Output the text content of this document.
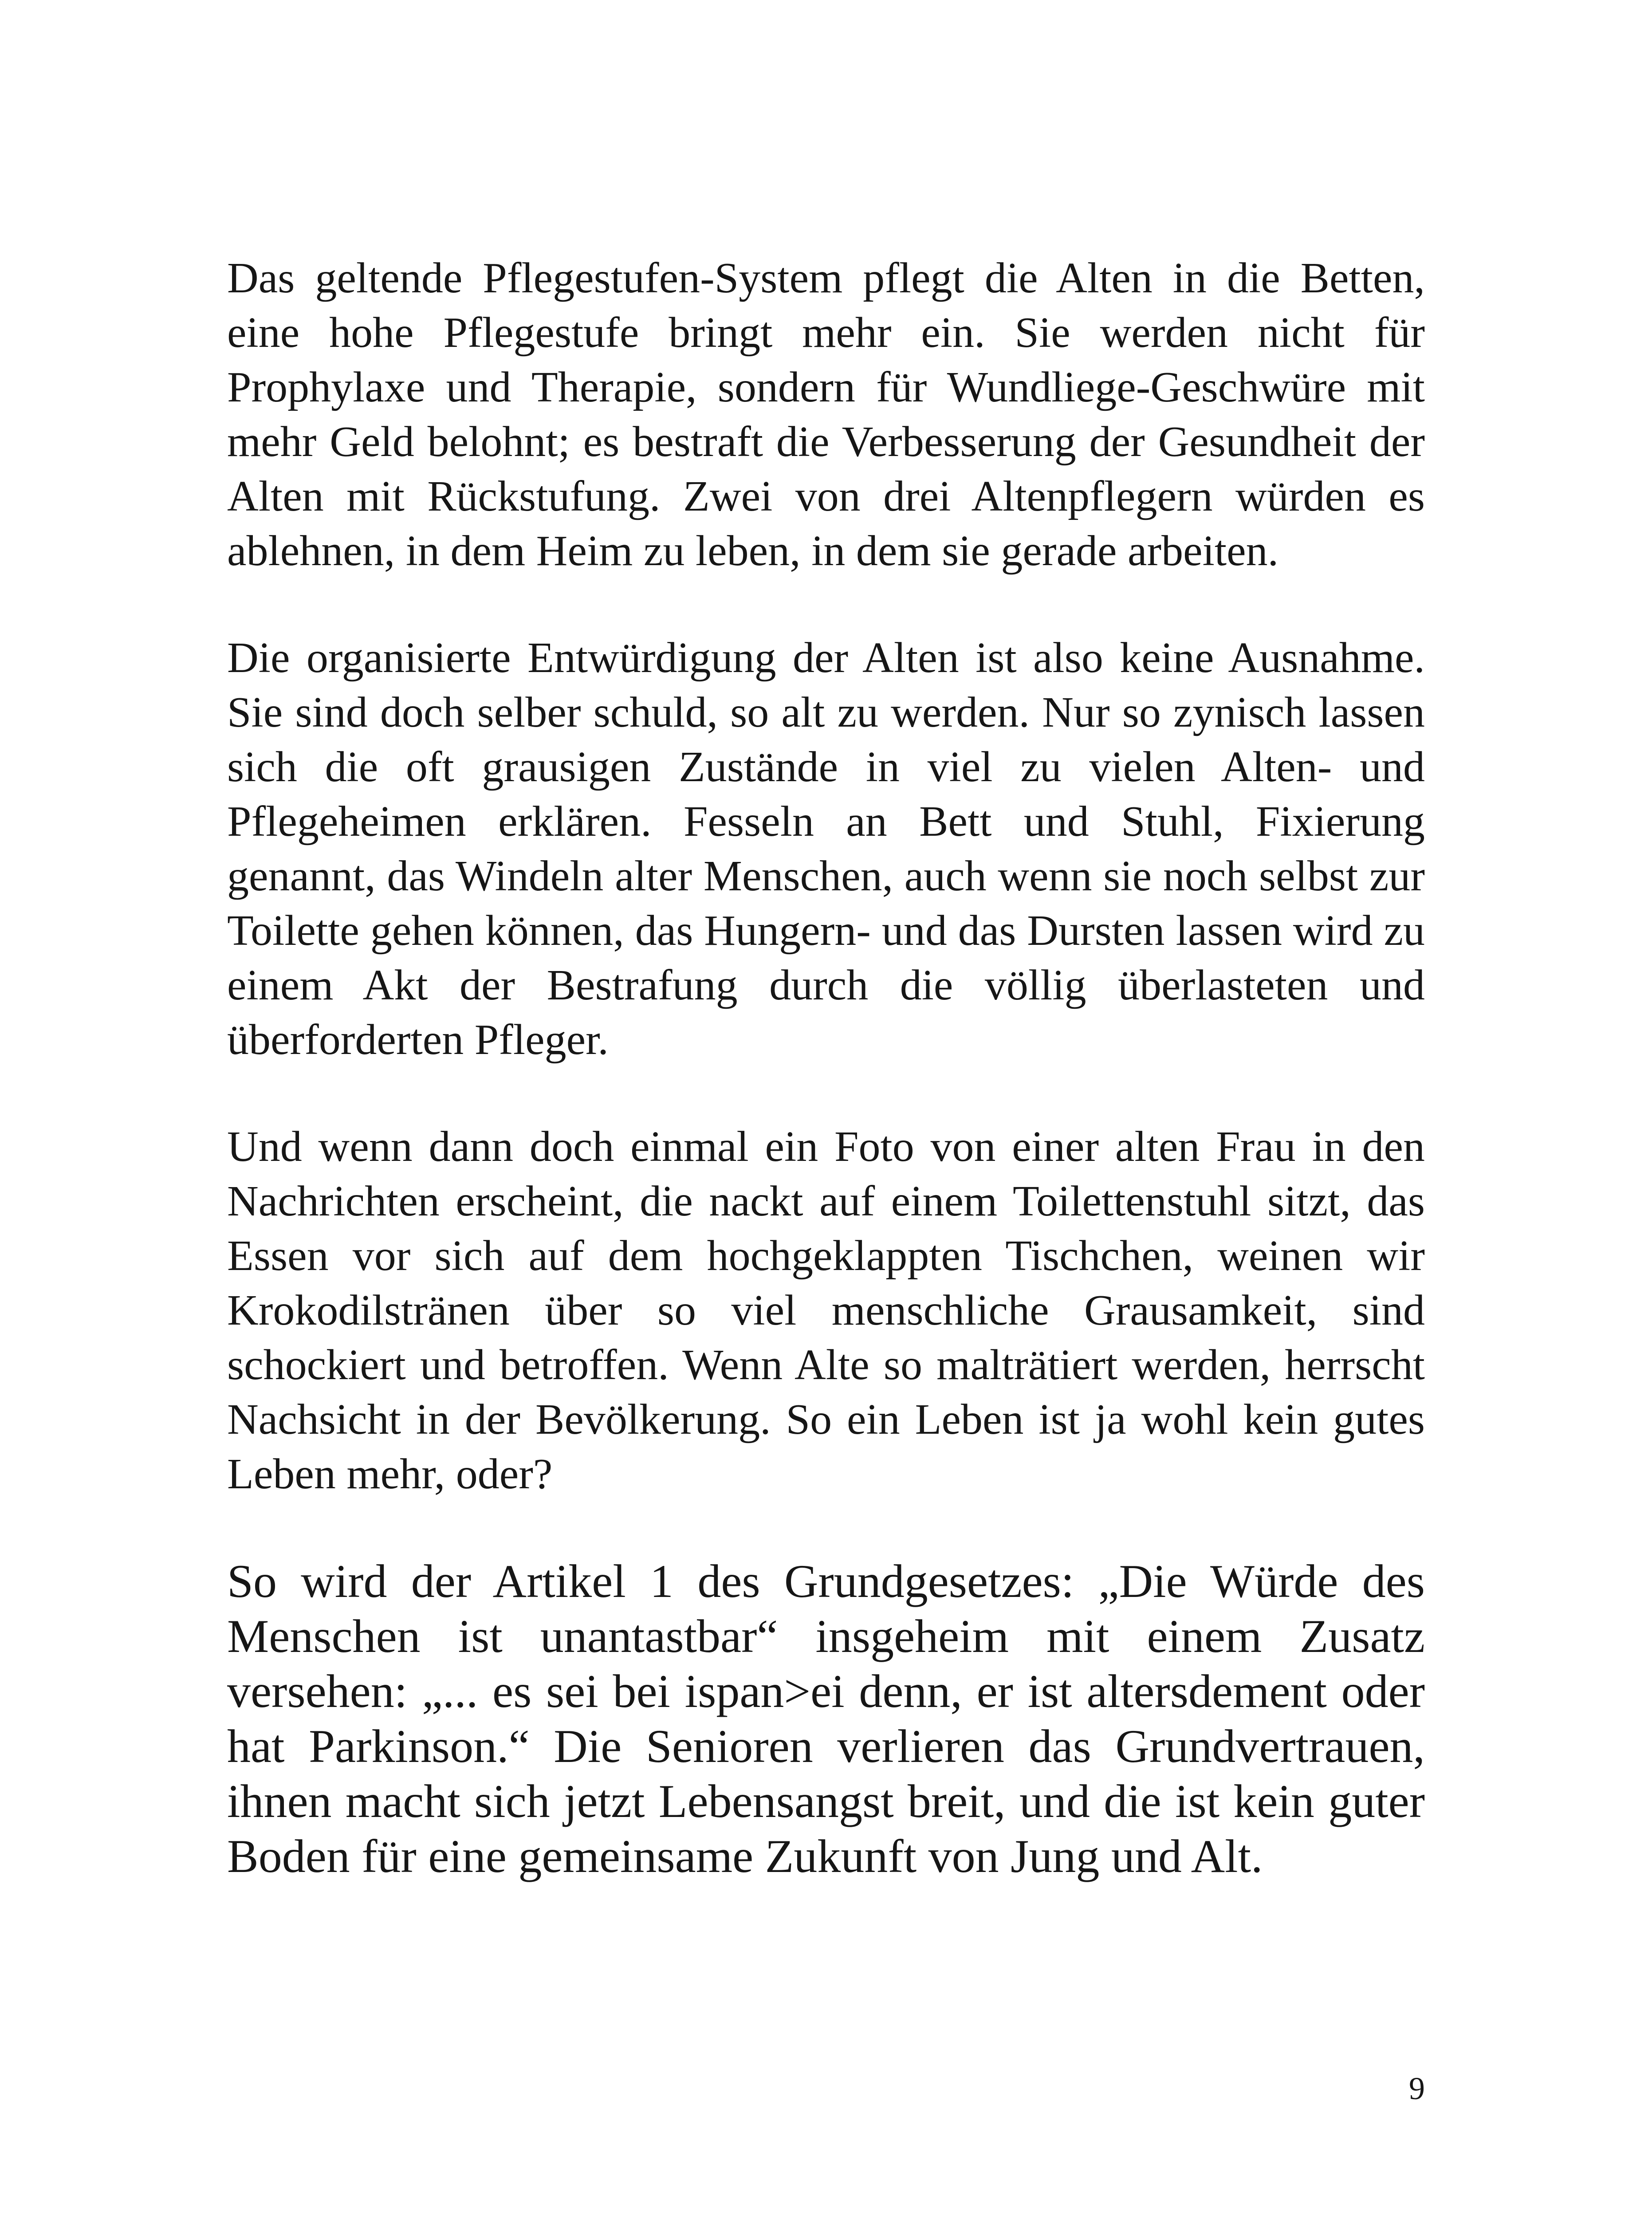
Das geltende Pflegestufen-System pflegt die Alten in die Betten, eine hohe Pflegestufe bringt mehr ein. Sie werden nicht für Prophylaxe und Therapie, sondern für Wundliege-Geschwüre mit mehr Geld belohnt; es bestraft die Verbesserung der Gesundheit der Alten mit Rückstufung. Zwei von drei Altenpflegern würden es ablehnen, in dem Heim zu leben, in dem sie gerade arbeiten.

Die organisierte Entwürdigung der Alten ist also keine Ausnahme. Sie sind doch selber schuld, so alt zu werden. Nur so zynisch lassen sich die oft grausigen Zustände in viel zu vielen Alten- und Pflegeheimen erklären. Fesseln an Bett und Stuhl, Fixierung genannt, das Windeln alter Menschen, auch wenn sie noch selbst zur Toilette gehen können, das Hungern- und das Dursten lassen wird zu einem Akt der Bestrafung durch die völlig überlasteten und überforderten Pfleger.

Und wenn dann doch einmal ein Foto von einer alten Frau in den Nachrichten erscheint, die nackt auf einem Toilettenstuhl sitzt, das Essen vor sich auf dem hochgeklappten Tischchen, weinen wir Krokodilstränen über so viel menschliche Grausamkeit, sind schockiert und betroffen. Wenn Alte so malträtiert werden, herrscht Nachsicht in der Bevölkerung. So ein Leben ist ja wohl kein gutes Leben mehr, oder?

So wird der Artikel 1 des Grundgesetzes: „Die Würde des Menschen ist unantastbar“ insgeheim mit einem Zusatz versehen: „... es sei bei ispan>ei denn, er ist altersdement oder hat Parkinson.“ Die Senioren verlieren das Grundvertrauen, ihnen macht sich jetzt Lebensangst breit, und die ist kein guter Boden für eine gemeinsame Zukunft von Jung und Alt.

9
